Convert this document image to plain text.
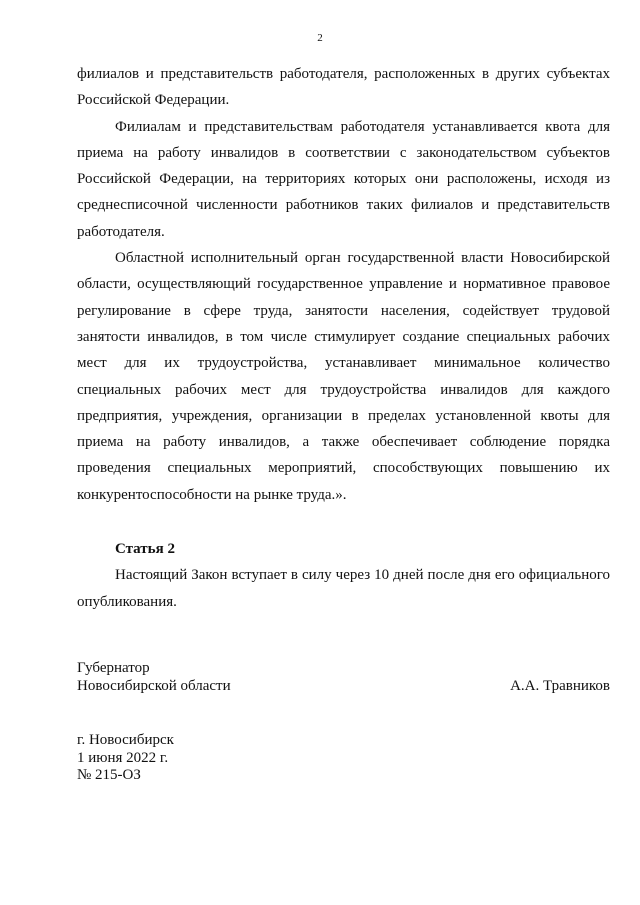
2

филиалов и представительств работодателя, расположенных в других субъектах Российской Федерации.

Филиалам и представительствам работодателя устанавливается квота для приема на работу инвалидов в соответствии с законодательством субъектов Российской Федерации, на территориях которых они расположены, исходя из среднесписочной численности работников таких филиалов и представительств работодателя.

Областной исполнительный орган государственной власти Новосибирской области, осуществляющий государственное управление и нормативное правовое регулирование в сфере труда, занятости населения, содействует трудовой занятости инвалидов, в том числе стимулирует создание специальных рабочих мест для их трудоустройства, устанавливает минимальное количество специальных рабочих мест для трудоустройства инвалидов для каждого предприятия, учреждения, организации в пределах установленной квоты для приема на работу инвалидов, а также обеспечивает соблюдение порядка проведения специальных мероприятий, способствующих повышению их конкурентоспособности на рынке труда.».

Статья 2

Настоящий Закон вступает в силу через 10 дней после дня его официального опубликования.

Губернатор
Новосибирской области	А.А. Травников
г. Новосибирск
1 июня 2022 г.
№ 215-ОЗ
